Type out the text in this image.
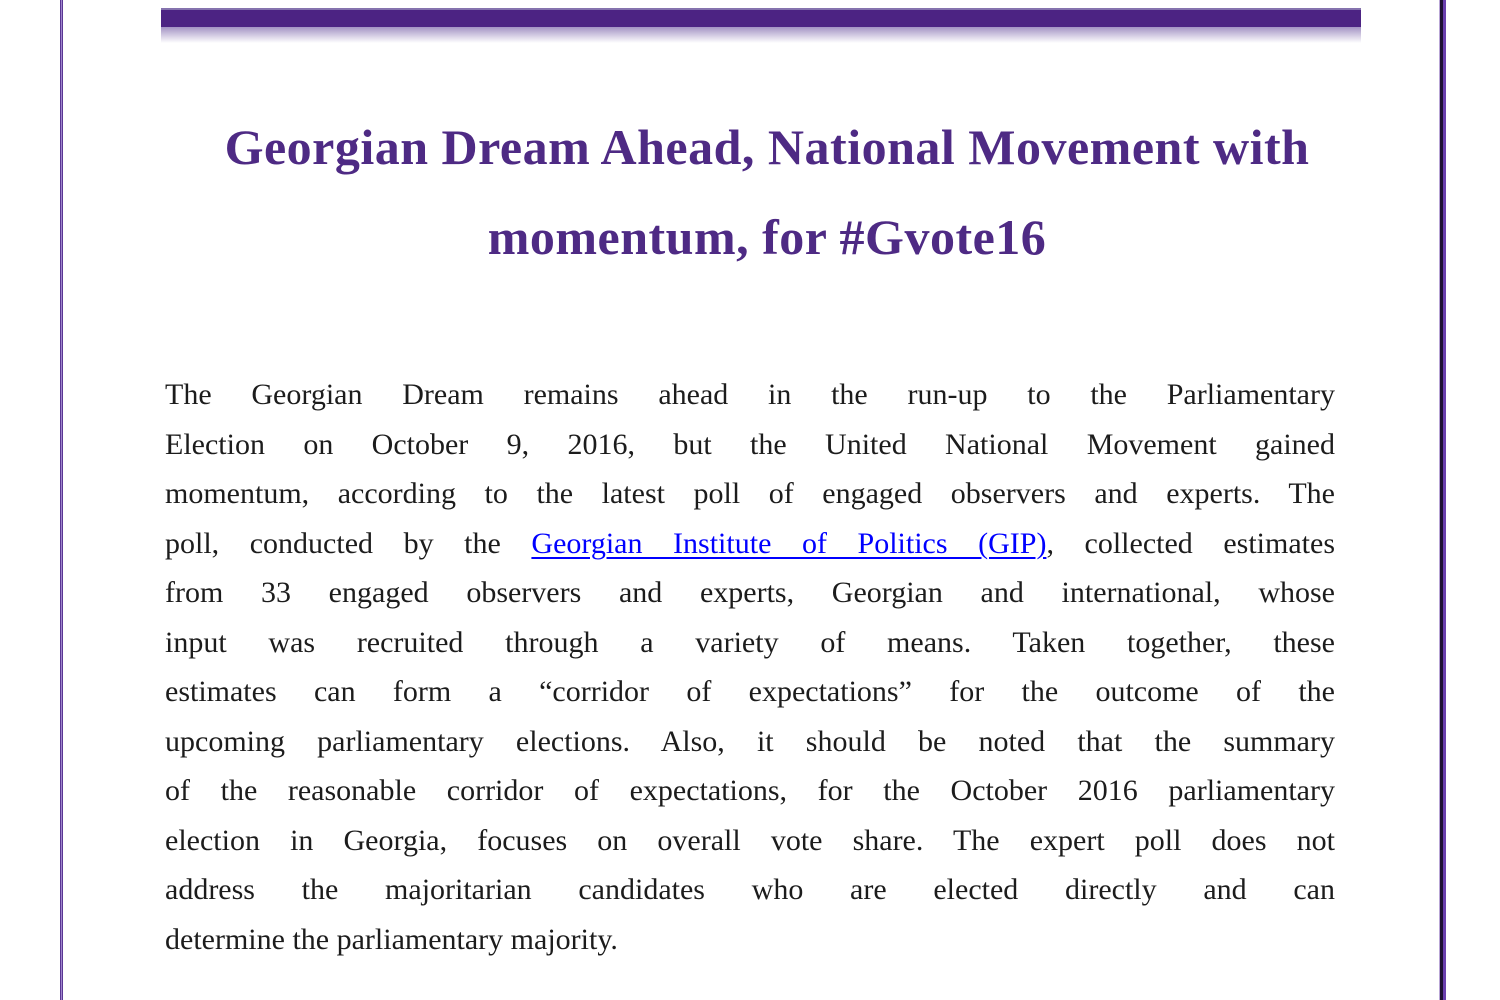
Georgian Dream Ahead, National Movement with
momentum, for #Gvote16
The Georgian Dream remains ahead in the run-up to the Parliamentary
Election on October 9, 2016, but the United National Movement gained
momentum, according to the latest poll of engaged observers and experts. The
poll, conducted by the Georgian Institute of Politics (GIP), collected estimates
from 33 engaged observers and experts, Georgian and international, whose
input was recruited through a variety of means. Taken together, these
estimates can form a “corridor of expectations” for the outcome of the
upcoming parliamentary elections. Also, it should be noted that the summary
of the reasonable corridor of expectations, for the October 2016 parliamentary
election in Georgia, focuses on overall vote share. The expert poll does not
address the majoritarian candidates who are elected directly and can
determine the parliamentary majority.
